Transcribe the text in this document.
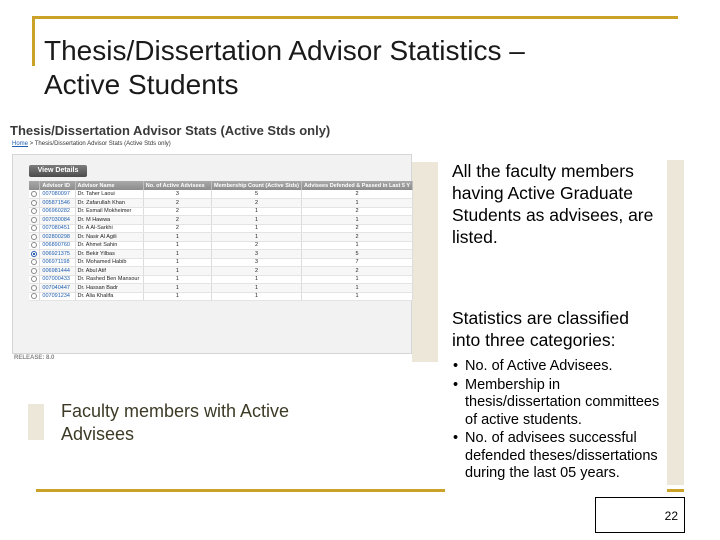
Thesis/Dissertation Advisor Statistics –
Active Students
Thesis/Dissertation Advisor Stats (Active Stds only)
Home > Thesis/Dissertation Advisor Stats (Active Stds only)
View Details
	Advisor ID	Advisor Name	No. of Active Advisees	Membership Count (Active Stds)	Advisees Defended & Passed in Last 5 Y
	007080097	Dr. Taher Laoui	3	5	2
	005871546	Dr. Zafarullah Khan	2	2	1
	006960282	Dr. Esmail Mokheimer	2	1	2
	007030084	Dr. M Hawwa	2	1	1
	007080451	Dr. A Al-Sarkhi	2	1	2
	002800298	Dr. Nasir Al Agili	1	1	2
	006890760	Dr. Ahmet Sahin	1	2	1
	006921375	Dr. Bekir Yilbas	1	3	5
	006971198	Dr. Mohamed Habib	1	3	7
	006981444	Dr. Abul Atif	1	2	2
	007000433	Dr. Rashed Ben Mansour	1	1	1
	007040447	Dr. Hassan Badr	1	1	1
	007091234	Dr. Alia Khalifa	1	1	1
RELEASE: 8.0
Faculty members with Active
Advisees
All the faculty members having Active Graduate Students as advisees, are listed.
Statistics are classified into three categories:
• No. of Active Advisees.
• Membership in thesis/dissertation committees of active students.
• No. of advisees successful defended theses/dissertations during the last 05 years.
22
